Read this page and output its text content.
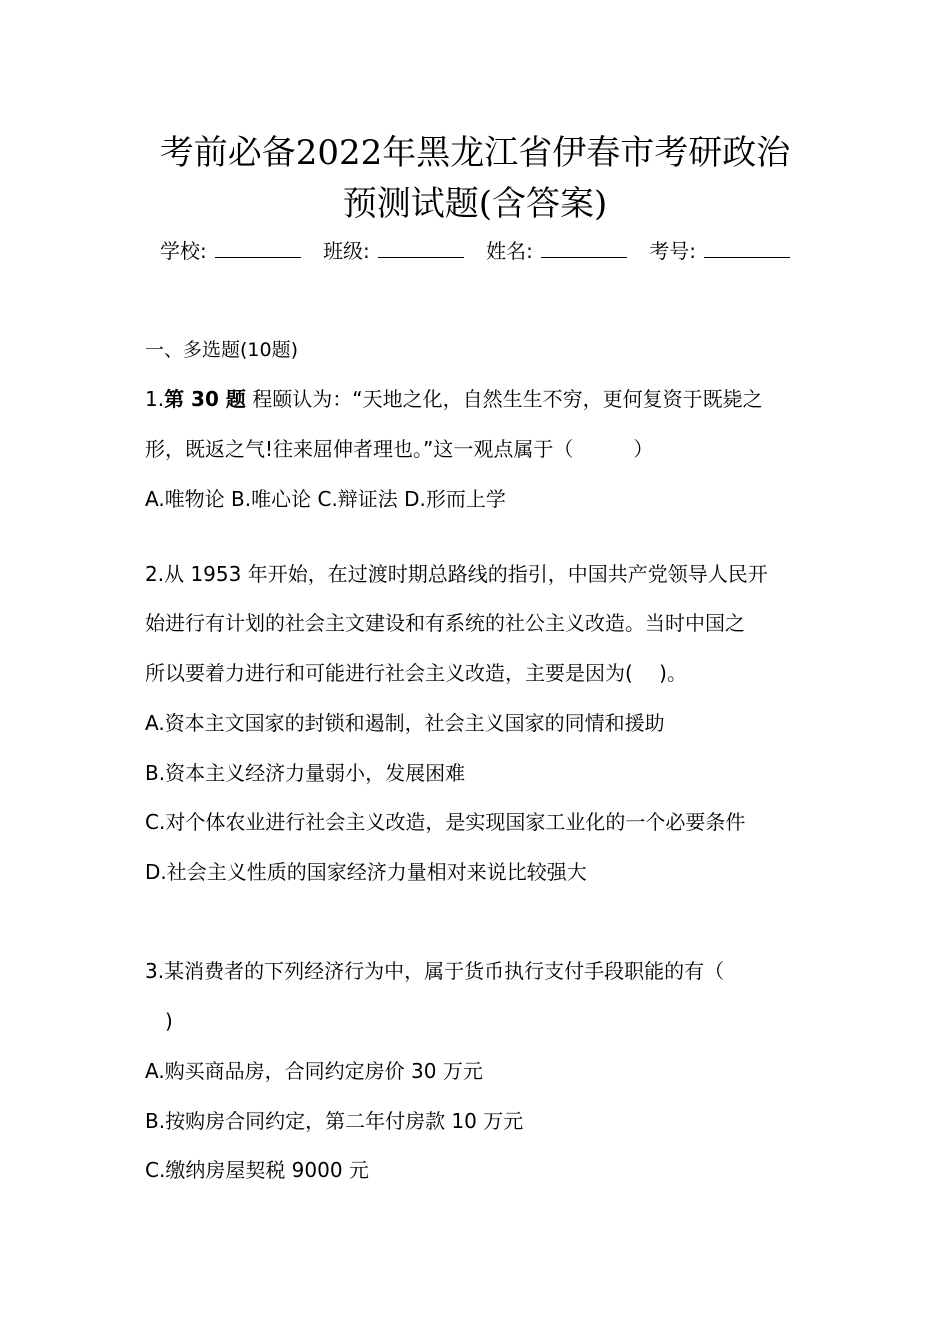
考前必备2022年黑龙江省伊春市考研政治
预测试题(含答案)
学校:	班级:	姓名:	考号:
一、多选题(10题)
1.第 30 题 程颐认为：“天地之化，自然生生不穷，更何复资于既毙之
形，既返之气!往来屈伸者理也。”这一观点属于（　　　）
A.唯物论 B.唯心论 C.辩证法 D.形而上学
2.从 1953 年开始，在过渡时期总路线的指引，中国共产党领导人民开
始进行有计划的社会主文建设和有系统的社公主义改造。当时中国之
所以要着力进行和可能进行社会主义改造，主要是因为(　 )。
A.资本主文国家的封锁和遏制，社会主义国家的同情和援助
B.资本主义经济力量弱小，发展困难
C.对个体农业进行社会主义改造，是实现国家工业化的一个必要条件
D.社会主义性质的国家经济力量相对来说比较强大
3.某消费者的下列经济行为中，属于货币执行支付手段职能的有（
　)
A.购买商品房，合同约定房价 30 万元
B.按购房合同约定，第二年付房款 10 万元
C.缴纳房屋契税 9000 元
